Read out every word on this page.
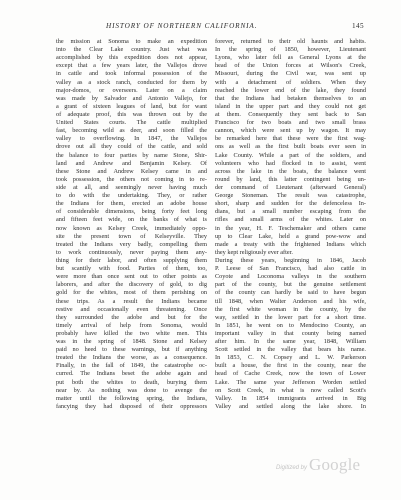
HISTORY OF NORTHERN CALIFORNIA.	145
the mission at Sonoma to make an expedition
into the Clear Lake country. Just what was
accomplished by this expedition does not appear,
except that a few years later, the Vallejos drove
in cattle and took informal possession of the
valley as a stock ranch, conducted for them by
major-domos, or overseers. Later on a claim
was made by Salvador and Antonio Vallejo, for
a grant of sixteen leagues of land, but for want
of adequate proof, this was thrown out by the
United States courts. The cattle multiplied
fast, becoming wild as deer, and soon filled the
valley to overflowing. In 1847, the Vallejos
drove out all they could of the cattle, and sold
the balance to four parties by name Stone, Shir-
land and Andrew and Benjamin Kelsey. Of
these Stone and Andrew Kelsey came in and
took possession, the others not coming in to re-
side at all, and seemingly never having much
to do with the undertaking. They, or rather
the Indians for them, erected an adobe house
of considerable dimensions, being forty feet long
and fifteen feet wide, on the banks of what is
now known as Kelsey Creek, immediately oppo-
site the present town of Kelseyville. They
treated the Indians very badly, compelling them
to work continuously, never paying them any-
thing for their labor, and often supplying them
but scantily with food. Parties of them, too,
were more than once sent out to other points as
laborers, and after the discovery of gold, to dig
gold for the whites, most of them perishing on
these trips. As a result the Indians became
restive and occasionally even threatening. Once
they surrounded the adobe and but for the
timely arrival of help from Sonoma, would
probably have killed the two white men. This
was in the spring of 1848. Stone and Kelsey
paid no heed to these warnings, but if anything
treated the Indians the worse, as a consequence.
Finally, in the fall of 1849, the catastrophe oc-
curred. The Indians beset the adobe again and
put both the whites to death, burying them
near by. As nothing was done to avenge the
matter until the following spring, the Indians,
fancying they had disposed of their oppressors
forever, returned to their old haunts and habits.
In the spring of 1850, however, Lieutenant
Lyons, who later fell as General Lyons at the
head of the Union forces at Wilson's Creek,
Missouri, during the Civil war, was sent up
with a detachment of soldiers. When they
reached the lower end of the lake, they found
that the Indians had betaken themselves to an
island in the upper part and they could not get
at them. Consequently they sent back to San
Francisco for two boats and two small brass
cannon, which were sent up by wagon. It may
be remarked here that these were the first wag-
ons as well as the first built boats ever seen in
Lake County. While a part of the soldiers, and
volunteers who had flocked in to assist, went
across the lake in the boats, the balance went
round by land, this latter contingent being un-
der command of Lieutenant (afterward General)
George Stoneman. The result was catastrophe,
short, sharp and sudden for the defenceless In-
dians, but a small number escaping from the
rifles and small arms of the whites. Later on
in the year, H. F. Teschemaker and others came
up to Clear Lake, held a grand pow-wow and
made a treaty with the frightened Indians which
they kept religiously ever after.
During these years, beginning in 1846, Jacob
P. Leese of San Francisco, had also cattle in
Coyote and Loconoma valleys in the southern
part of the county, but the genuine settlement
of the county can hardly be said to have begun
till 1848, when Walter Anderson and his wife,
the first white woman in the county, by the
way, settled in the lower part for a short time.
In 1851, he went on to Mendocino County, an
important valley in that county being named
after him. In the same year, 1848, William
Scott settled in the valley that bears his name.
In 1853, C. N. Copsey and L. W. Parkerson
built a house, the first in the county, near the
head of Cache Creek, now the town of Lower
Lake. The same year Jefferson Worden settled
on Scott Creek, in what is now called Scott's
Valley. In 1854 immigrants arrived in Big
Valley and settled along the lake shore. In
Digitized by Google
